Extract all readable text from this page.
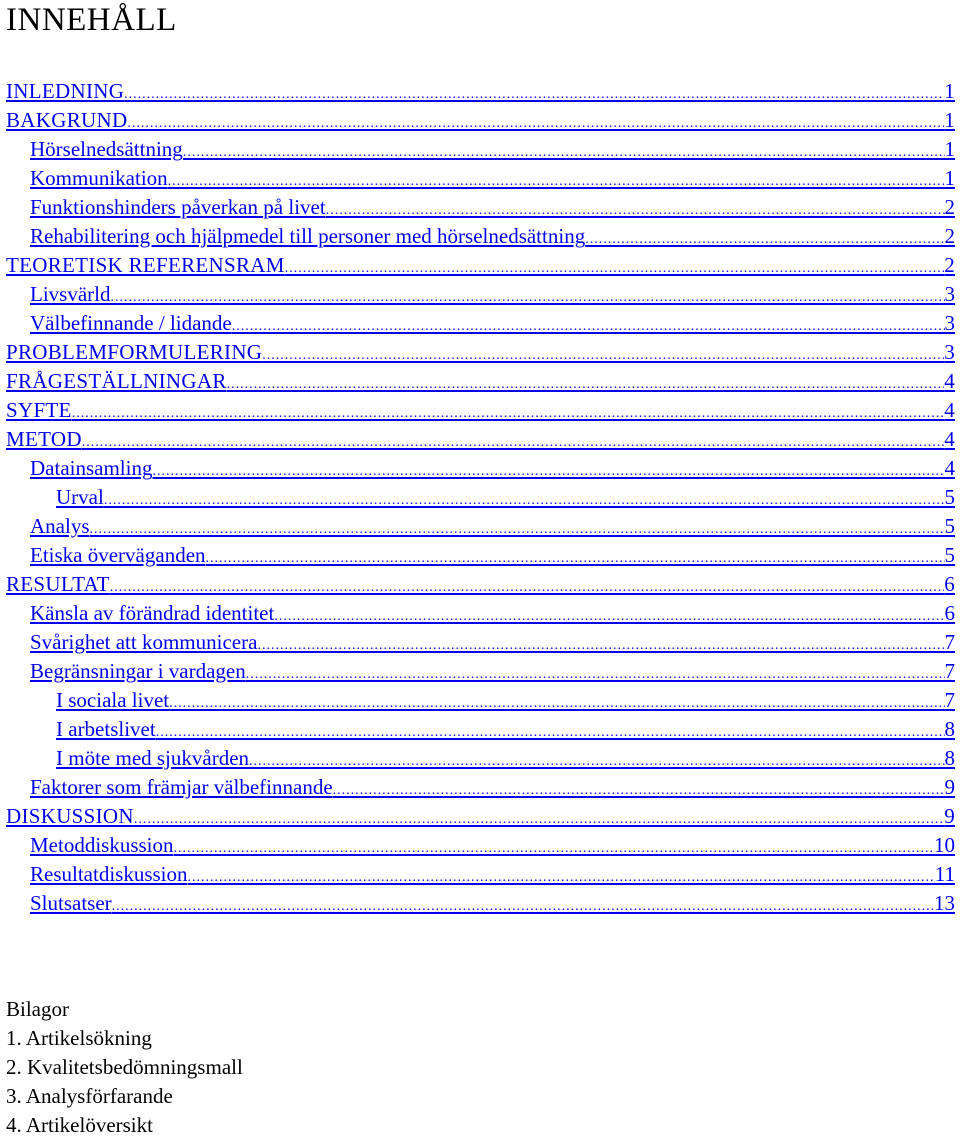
INNEHÅLL
INLEDNING .....	1
BAKGRUND .....	1
Hörselnedsättning .....	1
Kommunikation .....	1
Funktionshinders påverkan på livet .....	2
Rehabilitering och hjälpmedel till personer med hörselnedsättning .....	2
TEORETISK REFERENSRAM .....	2
Livsvärld .....	3
Välbefinnande / lidande .....	3
PROBLEMFORMULERING .....	3
FRÅGESTÄLLNINGAR .....	4
SYFTE .....	4
METOD .....	4
Datainsamling .....	4
Urval .....	5
Analys .....	5
Etiska överväganden .....	5
RESULTAT .....	6
Känsla av förändrad identitet .....	6
Svårighet att kommunicera .....	7
Begränsningar i vardagen .....	7
I sociala livet .....	7
I arbetslivet .....	8
I möte med sjukvården .....	8
Faktorer som främjar välbefinnande .....	9
DISKUSSION .....	9
Metoddiskussion .....	10
Resultatdiskussion .....	11
Slutsatser .....	13
Bilagor
1. Artikelsökning
2. Kvalitetsbedömningsmall
3. Analysförfarande
4. Artikelöversikt
